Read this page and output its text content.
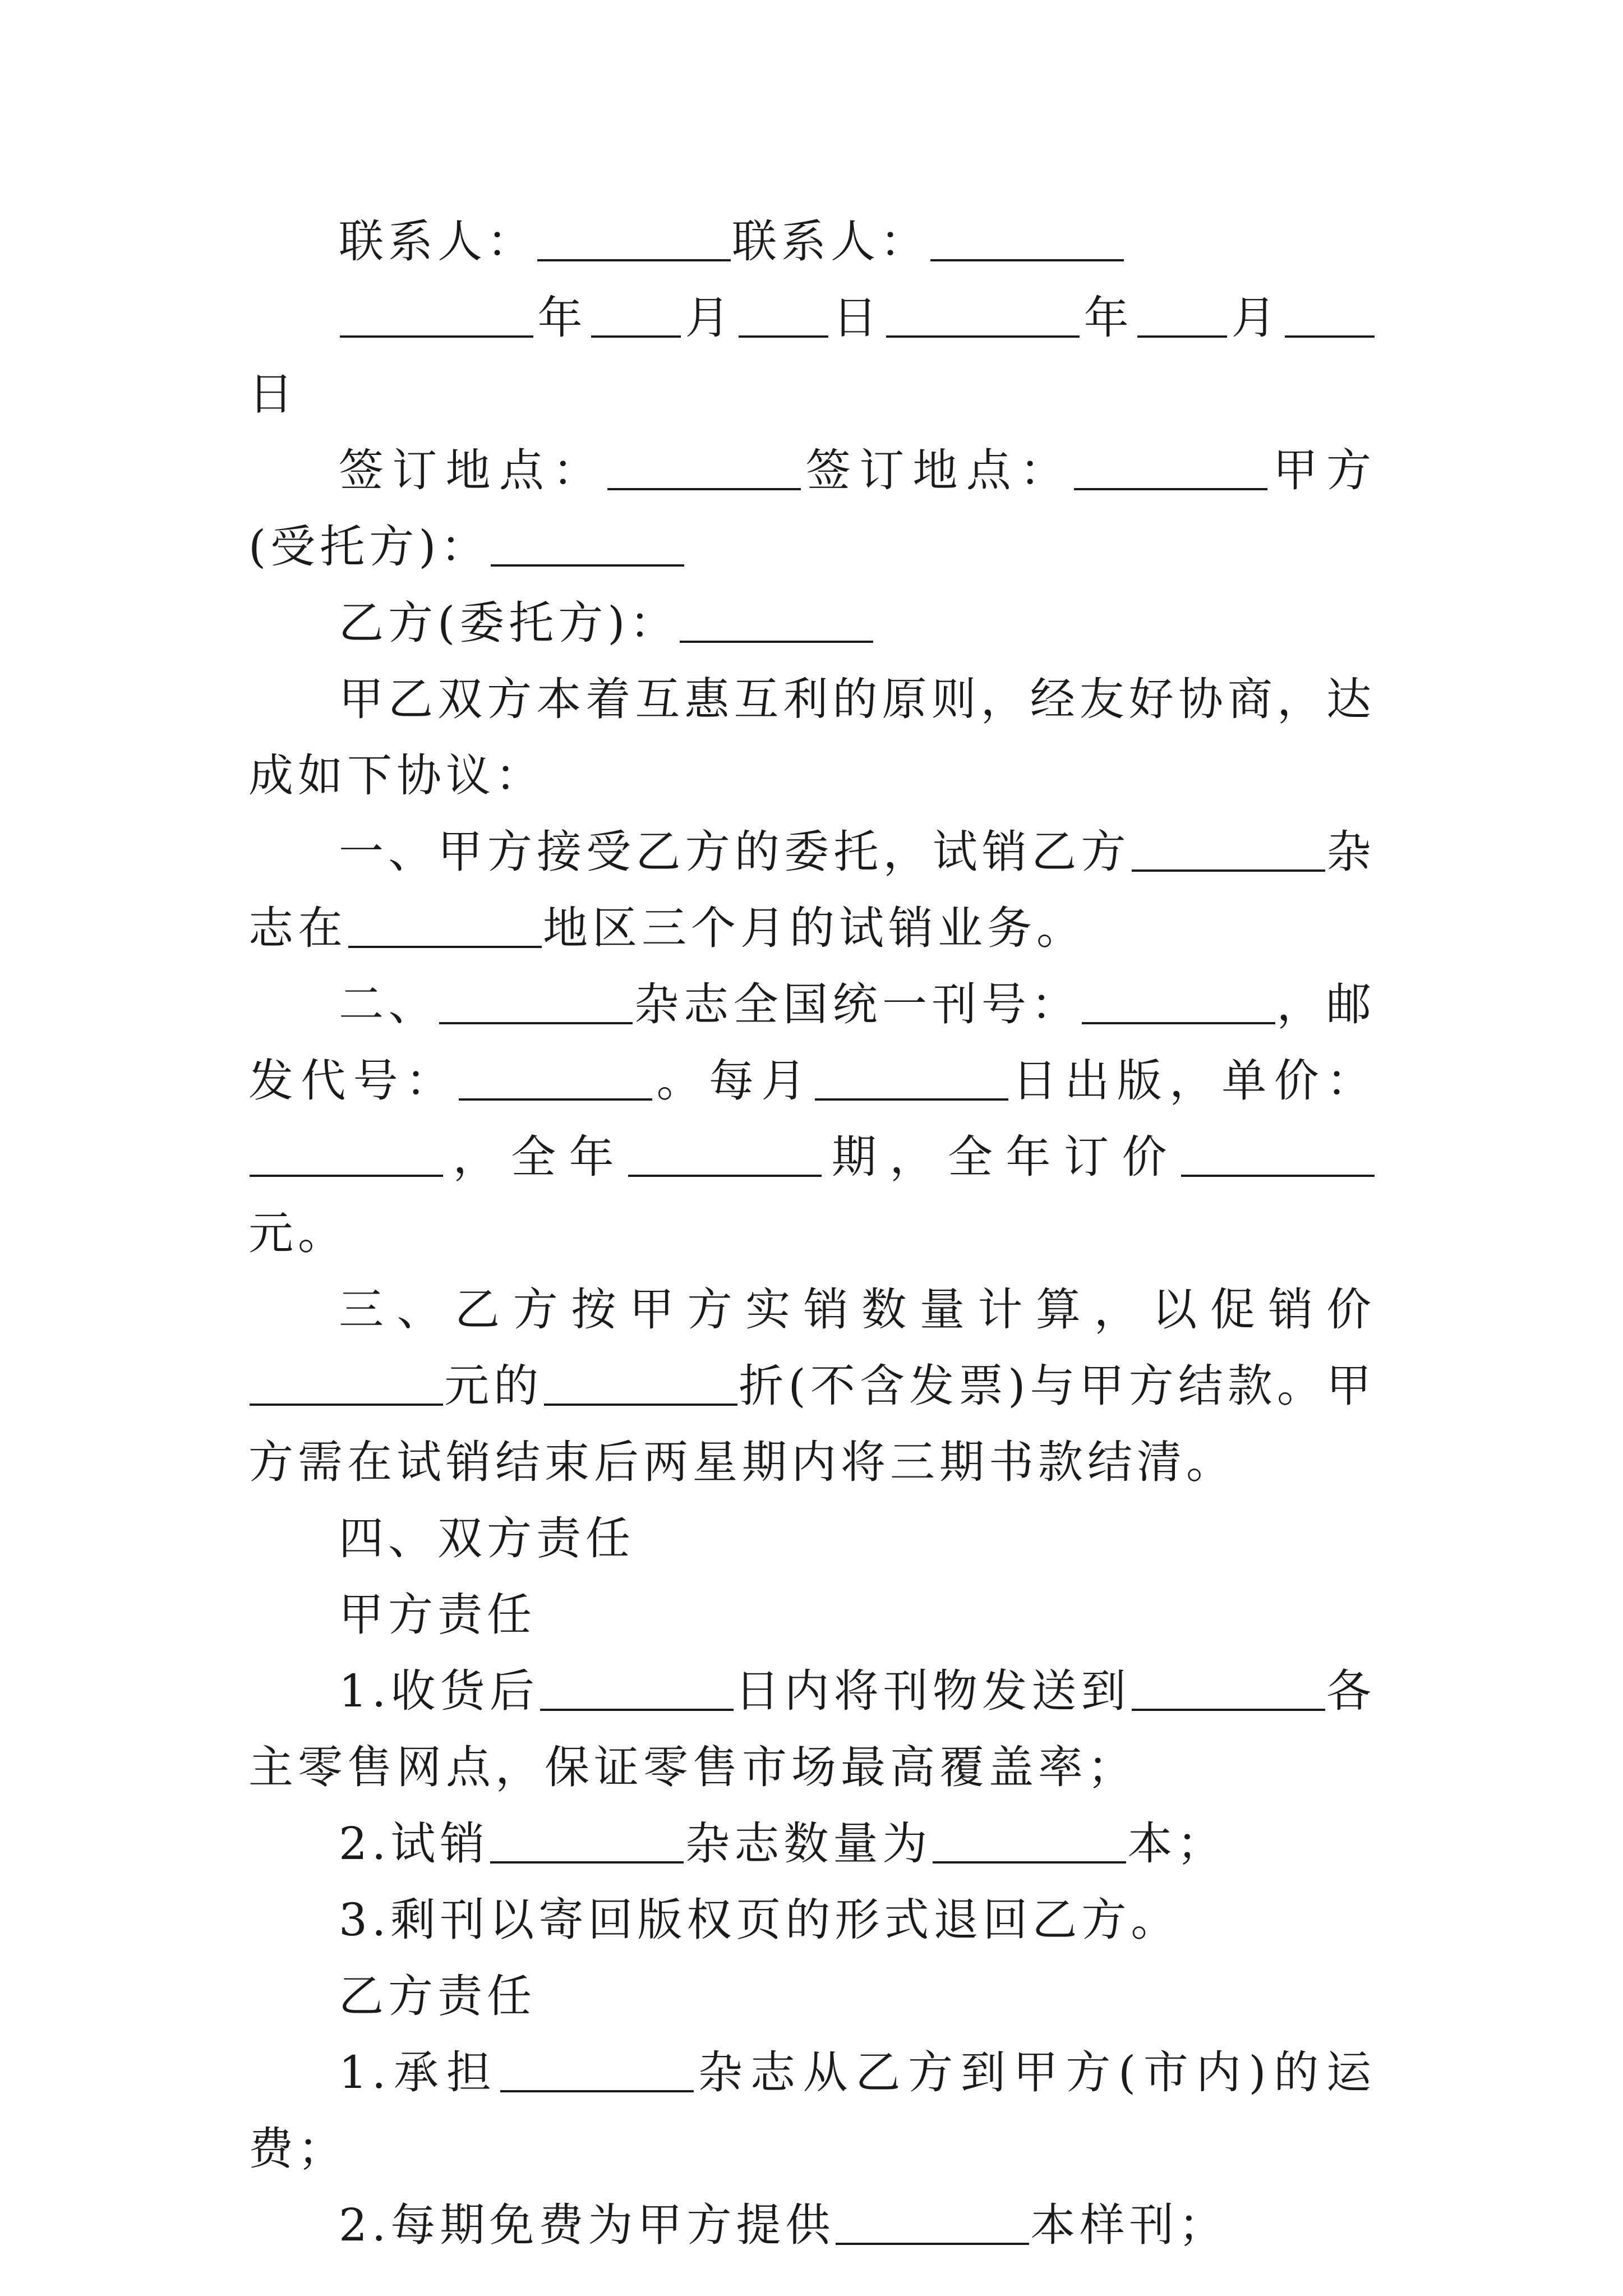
联系人：	联系人：

年 月 日	年 月日

签订地点：	签订地点：	甲方(受托方)：

乙方(委托方)：

甲乙双方本着互惠互利的原则，经友好协商，达成如下协议：

一、甲方接受乙方的委托，试销乙方	杂志在	地区三个月的试销业务。

二、	杂志全国统一刊号：	，邮发代号：	。每月	日出版，单价：，全年	期，全年订价元。

三、乙方按甲方实销数量计算，以促销价元的	折(不含发票)与甲方结款。甲方需在试销结束后两星期内将三期书款结清。

四、双方责任

甲方责任

1.收货后	日内将刊物发送到	各主零售网点，保证零售市场最高覆盖率；

2.试销	杂志数量为	本；

3.剩刊以寄回版权页的形式退回乙方。

乙方责任

1.承担	杂志从乙方到甲方(市内)的运费；

2.每期免费为甲方提供	本样刊；
